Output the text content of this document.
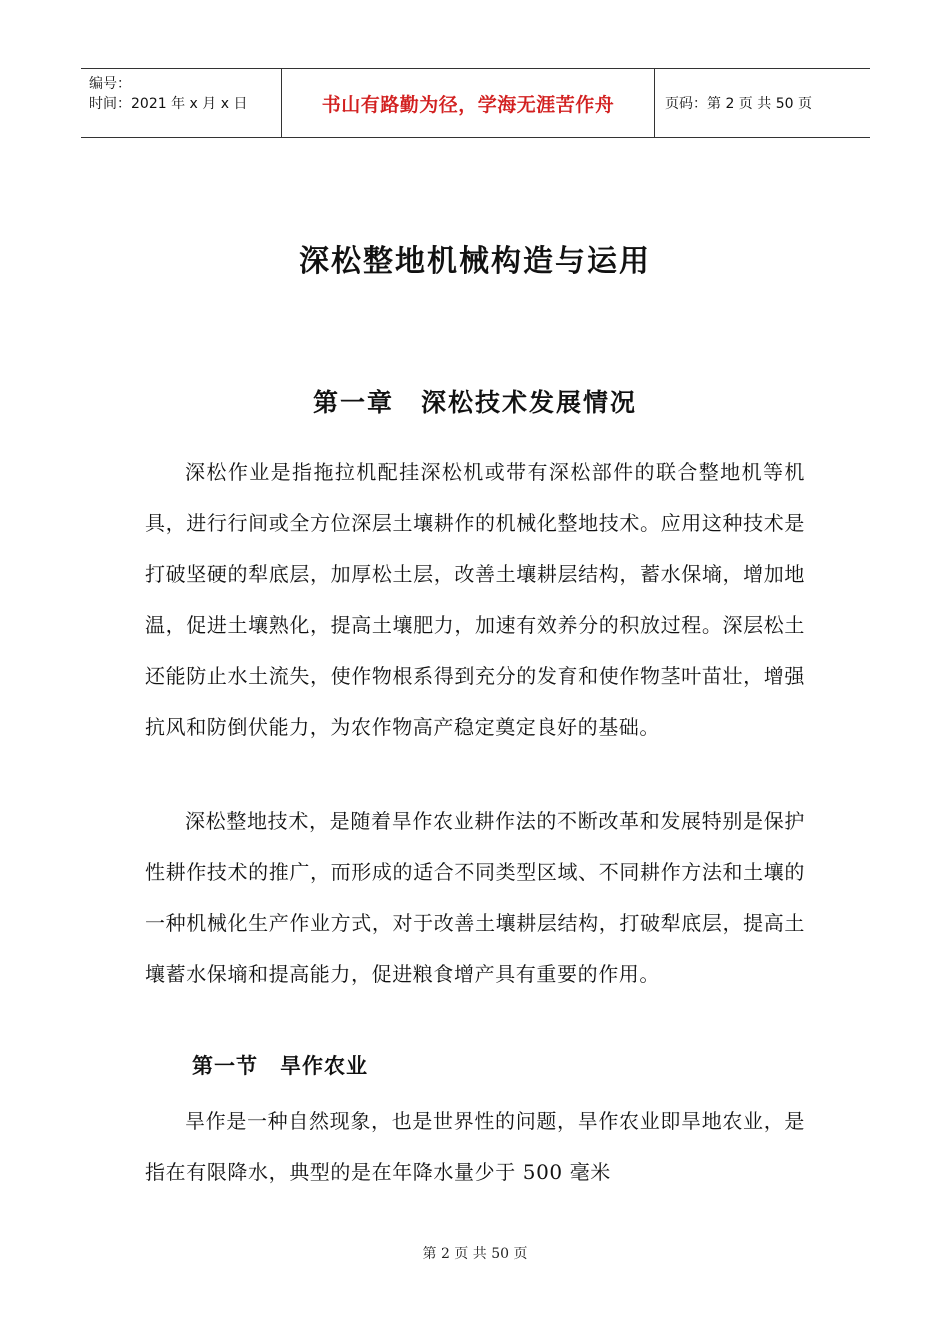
编号：
时间：2021 年 x 月 x 日	书山有路勤为径，学海无涯苦作舟	页码：第 2 页 共 50 页
深松整地机械构造与运用
第一章　深松技术发展情况

深松作业是指拖拉机配挂深松机或带有深松部件的联合整地机等机具，进行行间或全方位深层土壤耕作的机械化整地技术。应用这种技术是打破坚硬的犁底层，加厚松土层，改善土壤耕层结构，蓄水保墒，增加地温，促进土壤熟化，提高土壤肥力，加速有效养分的积放过程。深层松土还能防止水土流失，使作物根系得到充分的发育和使作物茎叶苗壮，增强抗风和防倒伏能力，为农作物高产稳定奠定良好的基础。

深松整地技术，是随着旱作农业耕作法的不断改革和发展特别是保护性耕作技术的推广，而形成的适合不同类型区域、不同耕作方法和土壤的一种机械化生产作业方式，对于改善土壤耕层结构，打破犁底层，提高土壤蓄水保墒和提高能力，促进粮食增产具有重要的作用。

第一节　旱作农业

旱作是一种自然现象，也是世界性的问题，旱作农业即旱地农业，是指在有限降水，典型的是在年降水量少于 500 毫米

第 2 页 共 50 页
